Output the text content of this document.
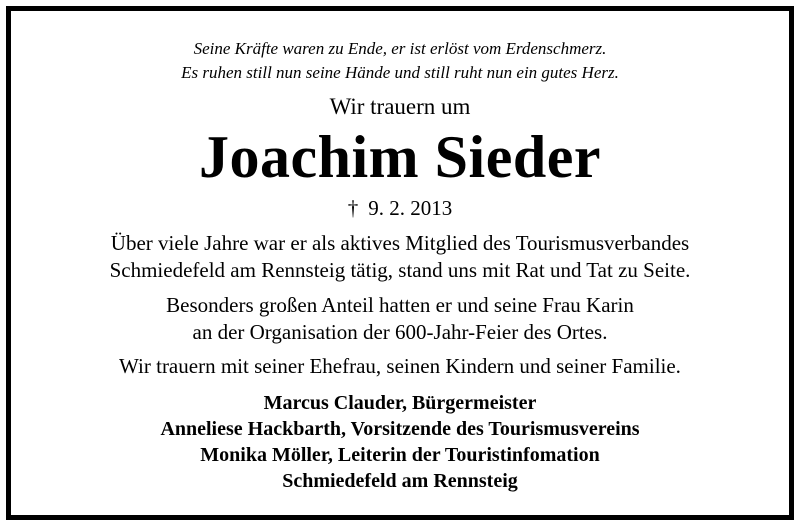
Seine Kräfte waren zu Ende, er ist erlöst vom Erdenschmerz.
Es ruhen still nun seine Hände und still ruht nun ein gutes Herz.
Wir trauern um
Joachim Sieder
† 9. 2. 2013
Über viele Jahre war er als aktives Mitglied des Tourismusverbandes
Schmiedefeld am Rennsteig tätig, stand uns mit Rat und Tat zu Seite.
Besonders großen Anteil hatten er und seine Frau Karin
an der Organisation der 600-Jahr-Feier des Ortes.
Wir trauern mit seiner Ehefrau, seinen Kindern und seiner Familie.
Marcus Clauder, Bürgermeister
Anneliese Hackbarth, Vorsitzende des Tourismusvereins
Monika Möller, Leiterin der Touristinfomation
Schmiedefeld am Rennsteig
